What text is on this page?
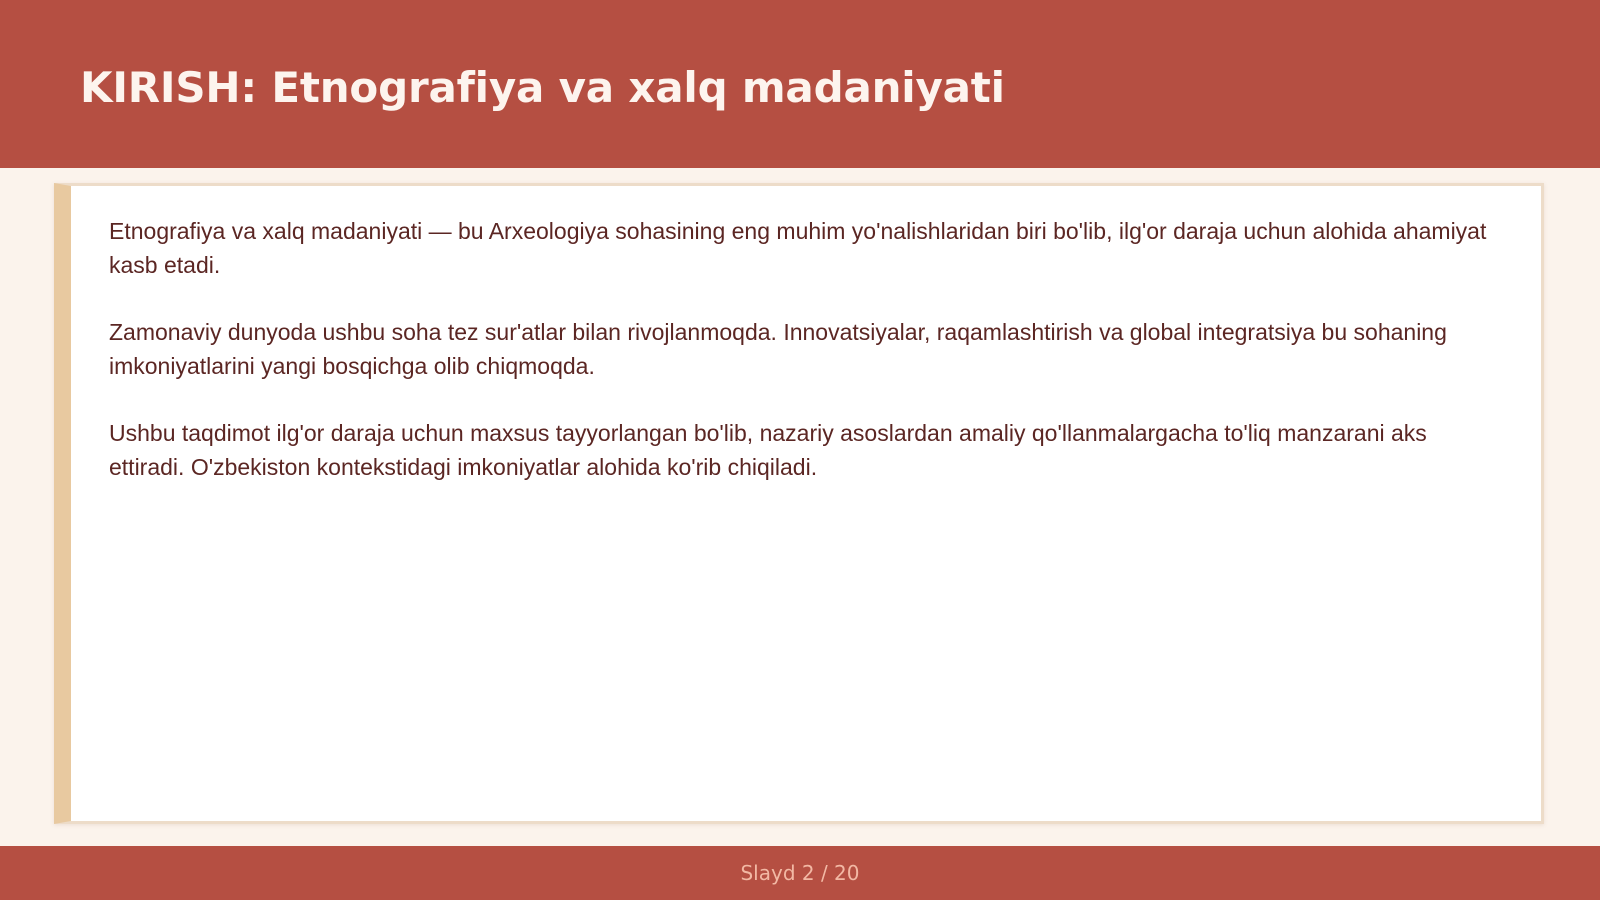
KIRISH: Etnografiya va xalq madaniyati

Etnografiya va xalq madaniyati — bu Arxeologiya sohasining eng muhim yo'nalishlaridan biri bo'lib, ilg'or daraja uchun alohida ahamiyat kasb etadi.

Zamonaviy dunyoda ushbu soha tez sur'atlar bilan rivojlanmoqda. Innovatsiyalar, raqamlashtirish va global integratsiya bu sohaning imkoniyatlarini yangi bosqichga olib chiqmoqda.

Ushbu taqdimot ilg'or daraja uchun maxsus tayyorlangan bo'lib, nazariy asoslardan amaliy qo'llanmalargacha to'liq manzarani aks ettiradi. O'zbekiston kontekstidagi imkoniyatlar alohida ko'rib chiqiladi.

Slayd 2 / 20
